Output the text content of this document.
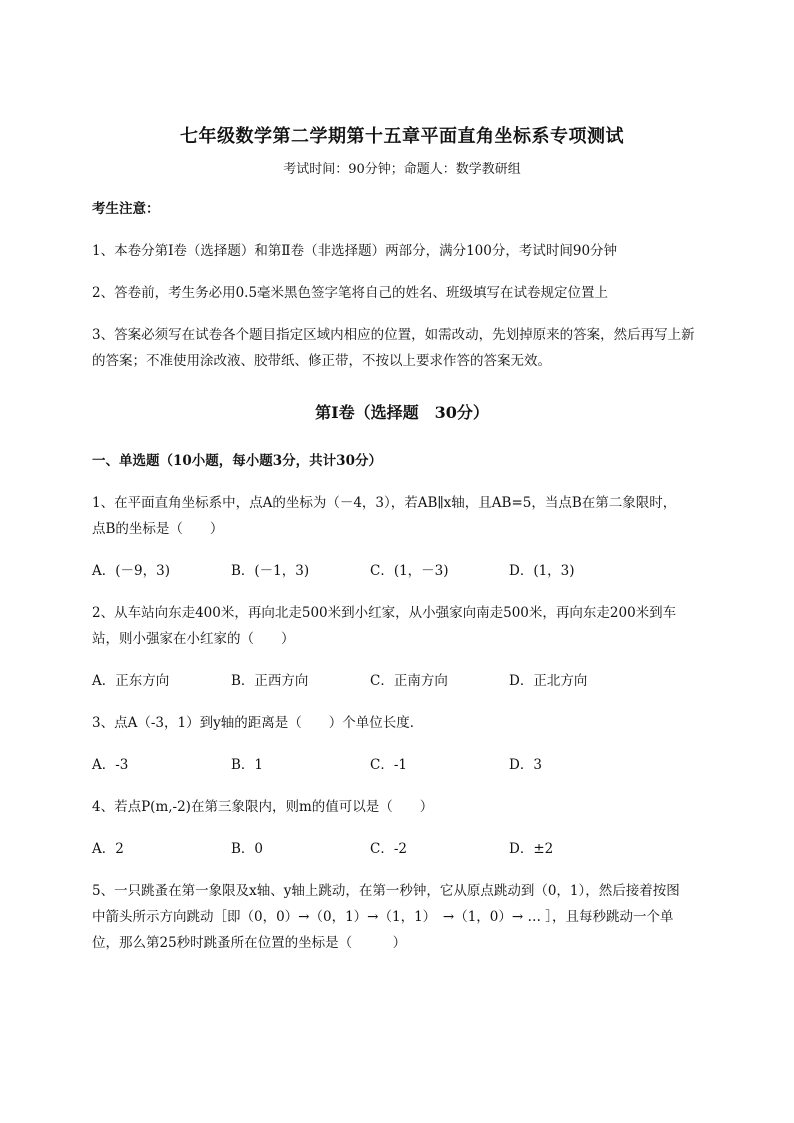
七年级数学第二学期第十五章平面直角坐标系专项测试
考试时间：90分钟；命题人：数学教研组
考生注意：
1、本卷分第I卷（选择题）和第Ⅱ卷（非选择题）两部分，满分100分，考试时间90分钟
2、答卷前，考生务必用0.5毫米黑色签字笔将自己的姓名、班级填写在试卷规定位置上
3、答案必须写在试卷各个题目指定区域内相应的位置，如需改动，先划掉原来的答案，然后再写上新
的答案；不准使用涂改液、胶带纸、修正带，不按以上要求作答的答案无效。
第I卷（选择题　30分）
一、单选题（10小题，每小题3分，共计30分）
1、在平面直角坐标系中，点A的坐标为（－4，3），若AB∥x轴，且AB=5，当点B在第二象限时，
点B的坐标是（　　）
A．(－9，3)	B．(－1，3)	C．(1，－3)	D．(1，3)
2、从车站向东走400米，再向北走500米到小红家，从小强家向南走500米，再向东走200米到车
站，则小强家在小红家的（　　）
A．正东方向	B．正西方向	C．正南方向	D．正北方向
3、点A（-3，1）到y轴的距离是（　　）个单位长度．
A．-3	B．1	C．-1	D．3
4、若点P(m,-2)在第三象限内，则m的值可以是（　　）
A．2	B．0	C．-2	D．±2
5、一只跳蚤在第一象限及x轴、y轴上跳动，在第一秒钟，它从原点跳动到（0，1），然后接着按图
中箭头所示方向跳动［即（0，0）→（0，1）→（1，1）　→（1，0）→ … ］，且每秒跳动一个单
位，那么第25秒时跳蚤所在位置的坐标是（　　　）
